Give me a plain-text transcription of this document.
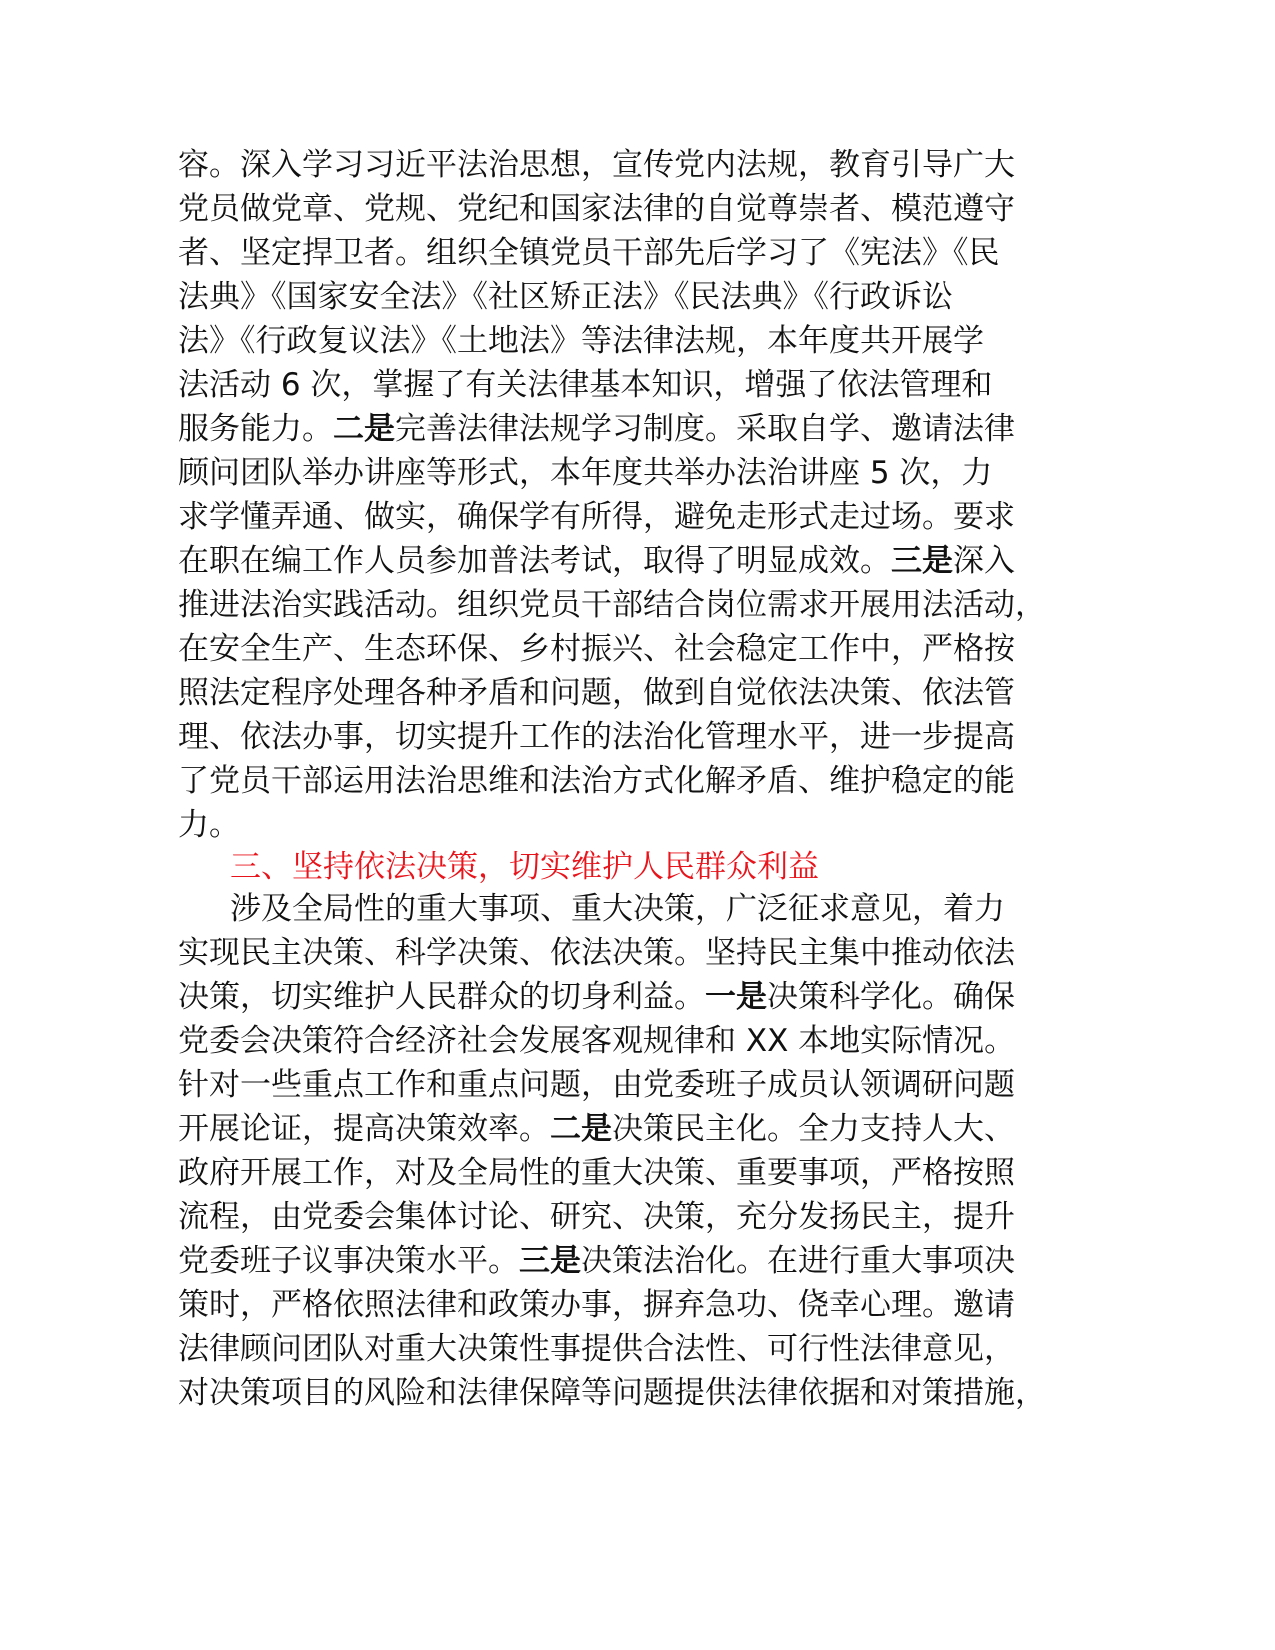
容。深入学习习近平法治思想，宣传党内法规，教育引导广大
党员做党章、党规、党纪和国家法律的自觉尊崇者、模范遵守
者、坚定捍卫者。组织全镇党员干部先后学习了《宪法》《民
法典》《国家安全法》《社区矫正法》《民法典》《行政诉讼
法》《行政复议法》《土地法》等法律法规，本年度共开展学
法活动 6 次，掌握了有关法律基本知识，增强了依法管理和
服务能力。二是完善法律法规学习制度。采取自学、邀请法律
顾问团队举办讲座等形式，本年度共举办法治讲座 5 次，力
求学懂弄通、做实，确保学有所得，避免走形式走过场。要求
在职在编工作人员参加普法考试，取得了明显成效。三是深入
推进法治实践活动。组织党员干部结合岗位需求开展用法活动，
在安全生产、生态环保、乡村振兴、社会稳定工作中，严格按
照法定程序处理各种矛盾和问题，做到自觉依法决策、依法管
理、依法办事，切实提升工作的法治化管理水平，进一步提高
了党员干部运用法治思维和法治方式化解矛盾、维护稳定的能
力。
三、坚持依法决策，切实维护人民群众利益
涉及全局性的重大事项、重大决策，广泛征求意见，着力
实现民主决策、科学决策、依法决策。坚持民主集中推动依法
决策，切实维护人民群众的切身利益。一是决策科学化。确保
党委会决策符合经济社会发展客观规律和 XX 本地实际情况。
针对一些重点工作和重点问题，由党委班子成员认领调研问题
开展论证，提高决策效率。二是决策民主化。全力支持人大、
政府开展工作，对及全局性的重大决策、重要事项，严格按照
流程，由党委会集体讨论、研究、决策，充分发扬民主，提升
党委班子议事决策水平。三是决策法治化。在进行重大事项决
策时，严格依照法律和政策办事，摒弃急功、侥幸心理。邀请
法律顾问团队对重大决策性事提供合法性、可行性法律意见，
对决策项目的风险和法律保障等问题提供法律依据和对策措施，
